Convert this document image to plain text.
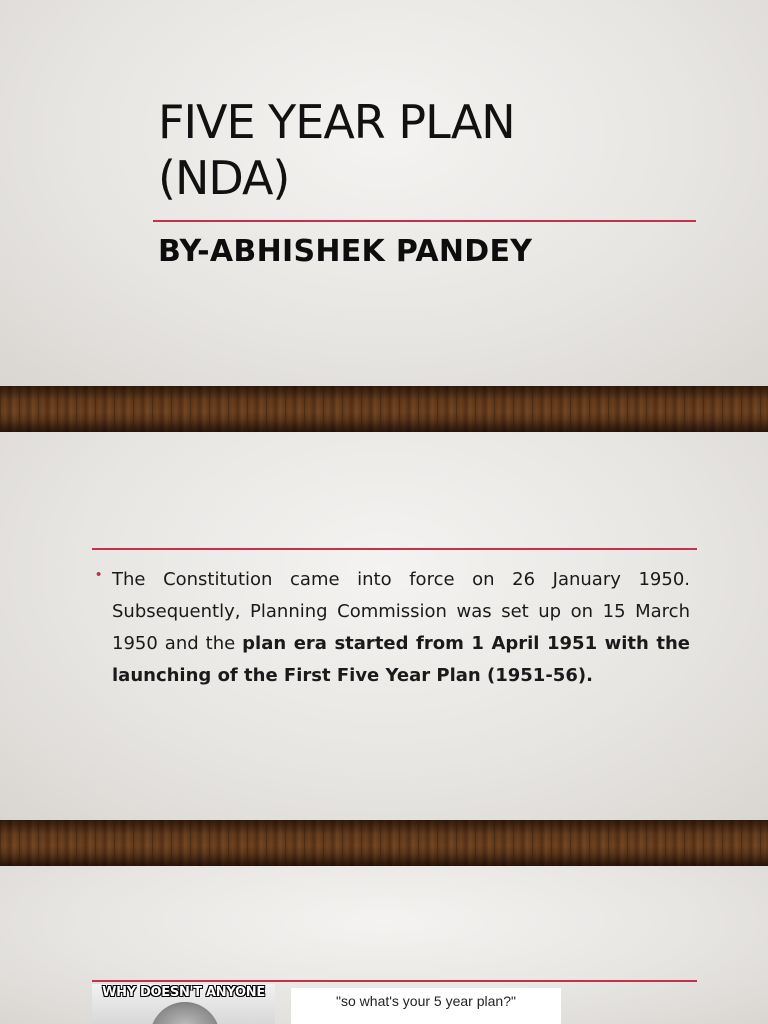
FIVE YEAR PLAN
(NDA)
BY-ABHISHEK PANDEY
• The Constitution came into force on 26 January 1950. Subsequently, Planning Commission was set up on 15 March 1950 and the plan era started from 1 April 1951 with the launching of the First Five Year Plan (1951-56).
WHY DOESN'T ANYONE
"so what's your 5 year plan?"
